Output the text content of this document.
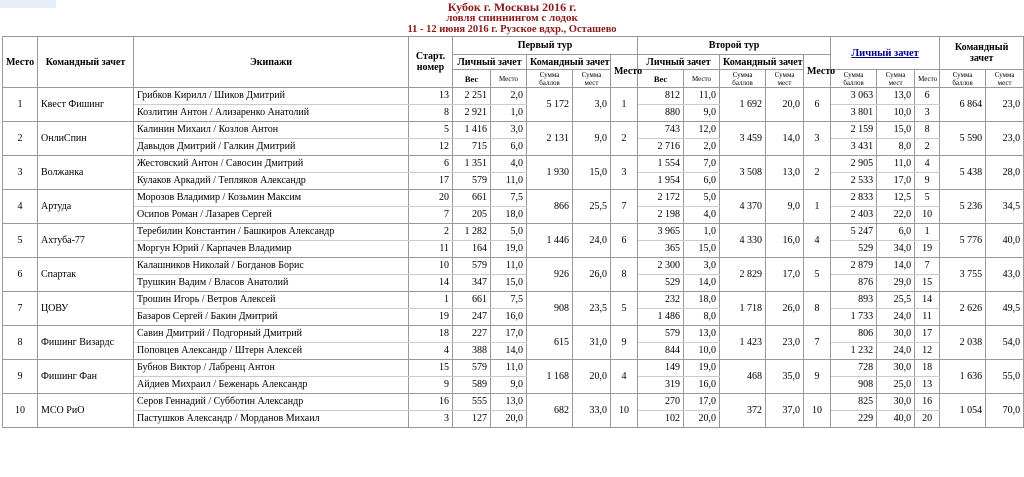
Кубок г. Москвы 2016 г.
ловля спиннингом с лодок
11 - 12 июня 2016 г. Рузское вдхр., Осташево
Место	Командный зачет	Экипажи	Старт. номер	Первый тур					Второй тур					Личный зачет			Командный зачет	
				Личный зачет		Командный зачет		Место	Личный зачет		Командный зачет		Место					
				Вес	Место	Сумма баллов	Сумма мест		Вес	Место	Сумма баллов	Сумма мест		Сумма баллов	Сумма мест	Место	Сумма баллов	Сумма мест
1	Квест Фишинг	Грибков Кирилл / Шиков Дмитрий	13	2 251	2,0	5 172	3,0	1	812	11,0	1 692	20,0	6	3 063	13,0	6	6 864	23,0
		Козлитин Антон / Ализаренко Анатолий	8	2 921	1,0				880	9,0				3 801	10,0	3		
2	ОнлиСпин	Калинин Михаил / Козлов Антон	5	1 416	3,0	2 131	9,0	2	743	12,0	3 459	14,0	3	2 159	15,0	8	5 590	23,0
		Давыдов Дмитрий / Галкин Дмитрий	12	715	6,0				2 716	2,0				3 431	8,0	2		
3	Волжанка	Жестовский Антон / Савосин Дмитрий	6	1 351	4,0	1 930	15,0	3	1 554	7,0	3 508	13,0	2	2 905	11,0	4	5 438	28,0
		Кулаков Аркадий / Тепляков Александр	17	579	11,0				1 954	6,0				2 533	17,0	9		
4	Артуда	Морозов Владимир / Козьмин Максим	20	661	7,5	866	25,5	7	2 172	5,0	4 370	9,0	1	2 833	12,5	5	5 236	34,5
		Осипов Роман / Лазарев Сергей	7	205	18,0				2 198	4,0				2 403	22,0	10		
5	Ахтуба-77	Теребилин Константин / Башкиров Александр	2	1 282	5,0	1 446	24,0	6	3 965	1,0	4 330	16,0	4	5 247	6,0	1	5 776	40,0
		Моргун Юрий / Карпачев Владимир	11	164	19,0				365	15,0				529	34,0	19		
6	Спартак	Калашников Николай / Богданов Борис	10	579	11,0	926	26,0	8	2 300	3,0	2 829	17,0	5	2 879	14,0	7	3 755	43,0
		Трушкин Вадим / Власов Анатолий	14	347	15,0				529	14,0				876	29,0	15		
7	ЦОВУ	Трошин Игорь / Ветров Алексей	1	661	7,5	908	23,5	5	232	18,0	1 718	26,0	8	893	25,5	14	2 626	49,5
		Базаров Сергей / Бакин Дмитрий	19	247	16,0				1 486	8,0				1 733	24,0	11		
8	Фишинг Визардс	Савин Дмитрий / Подгорный Дмитрий	18	227	17,0	615	31,0	9	579	13,0	1 423	23,0	7	806	30,0	17	2 038	54,0
		Поповцев Александр / Штерн Алексей	4	388	14,0				844	10,0				1 232	24,0	12		
9	Фишинг Фан	Бубнов Виктор / Лабренц Антон	15	579	11,0	1 168	20,0	4	149	19,0	468	35,0	9	728	30,0	18	1 636	55,0
		Айдиев Михраил / Беженарь Александр	9	589	9,0				319	16,0				908	25,0	13		
10	МСО РиО	Серов Геннадий / Субботин Александр	16	555	13,0	682	33,0	10	270	17,0	372	37,0	10	825	30,0	16	1 054	70,0
		Пастушков Александр / Морданов Михаил	3	127	20,0				102	20,0				229	40,0	20		
